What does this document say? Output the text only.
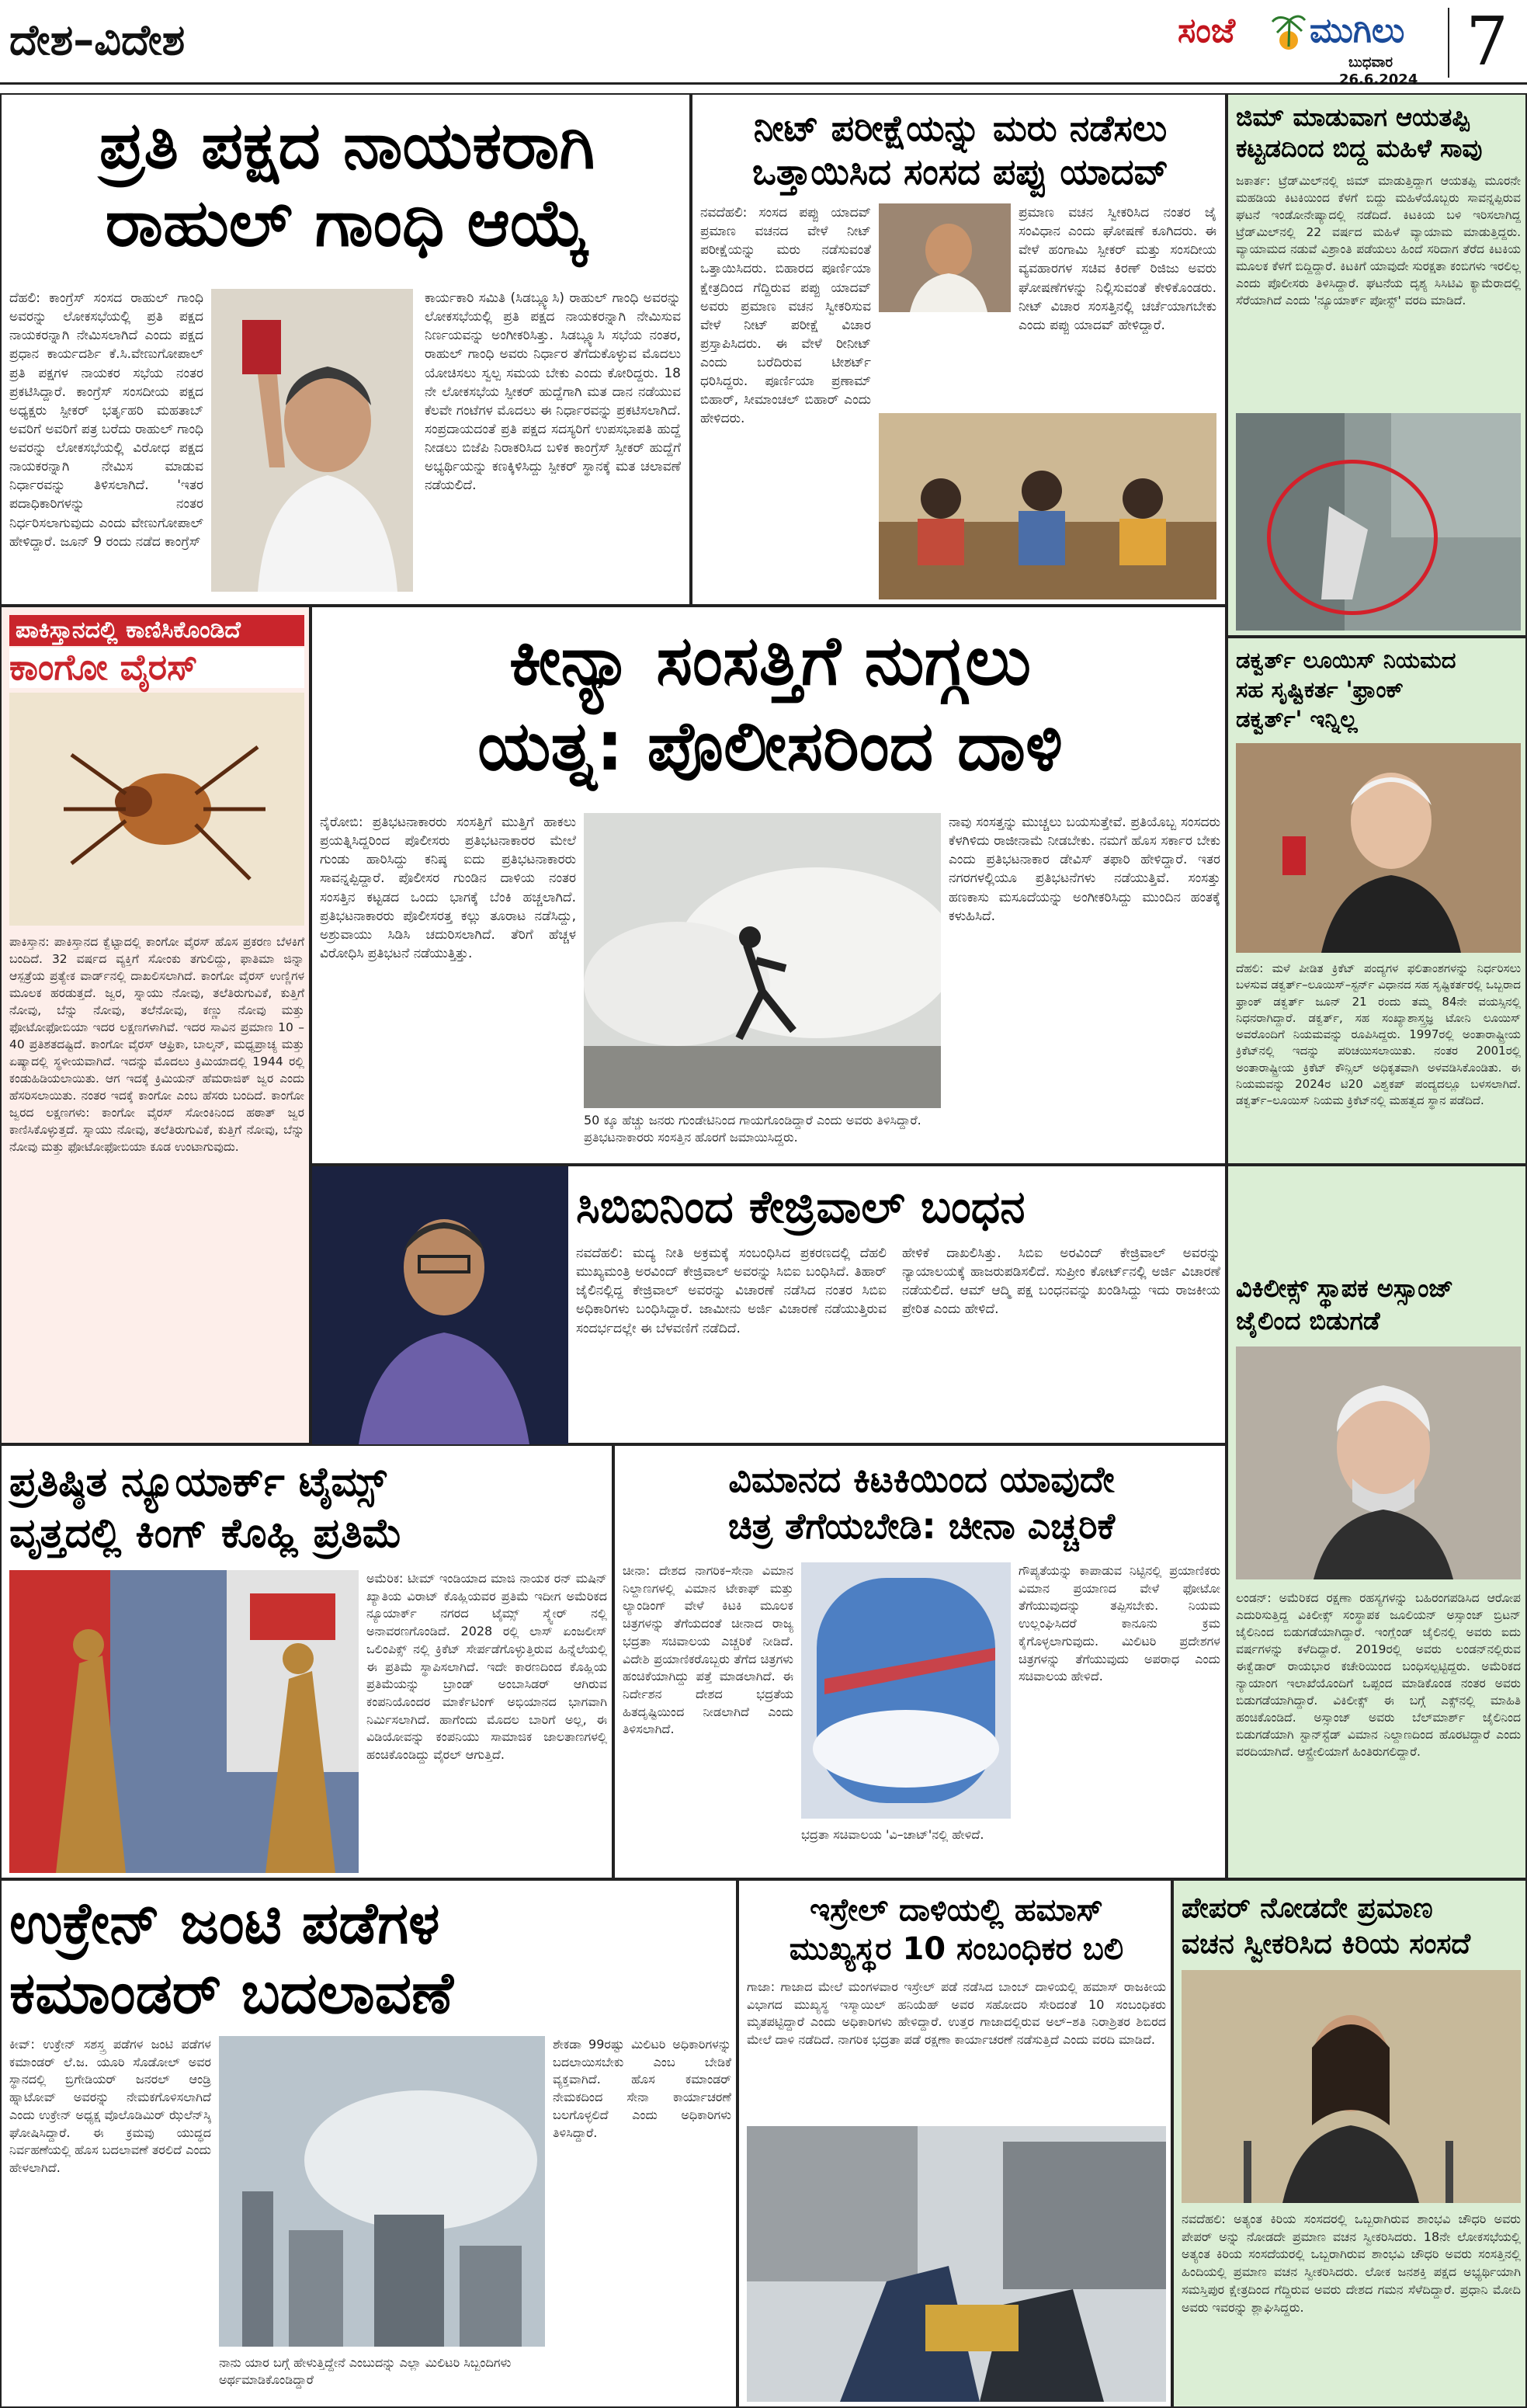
ದೇಶ–ವಿದೇಶ	ಸಂಜೆ ಮುಗಿಲು
ಬುಧವಾರ
26.6.2024 7
ಪ್ರತಿ ಪಕ್ಷದ ನಾಯಕರಾಗಿ
ರಾಹುಲ್ ಗಾಂಧಿ ಆಯ್ಕೆ
ದೆಹಲಿ: ಕಾಂಗ್ರೆಸ್ ಸಂಸದ ರಾಹುಲ್ ಗಾಂಧಿ ಅವರನ್ನು ಲೋಕಸಭೆಯಲ್ಲಿ ಪ್ರತಿ ಪಕ್ಷದ ನಾಯಕರನ್ನಾಗಿ ನೇಮಿಸಲಾಗಿದೆ ಎಂದು ಪಕ್ಷದ ಪ್ರಧಾನ ಕಾರ್ಯದರ್ಶಿ ಕೆ.ಸಿ.ವೇಣುಗೋಪಾಲ್ ಪ್ರತಿ ಪಕ್ಷಗಳ ನಾಯಕರ ಸಭೆಯ ನಂತರ ಪ್ರಕಟಿಸಿದ್ದಾರೆ. ಕಾಂಗ್ರೆಸ್ ಸಂಸದೀಯ ಪಕ್ಷದ ಅಧ್ಯಕ್ಷರು ಸ್ಪೀಕರ್ ಭರ್ತೃಹರಿ ಮಹತಾಬ್ ಅವರಿಗೆ ಅವರಿಗೆ ಪತ್ರ ಬರೆದು ರಾಹುಲ್ ಗಾಂಧಿ ಅವರನ್ನು ಲೋಕಸಭೆಯಲ್ಲಿ ವಿರೋಧ ಪಕ್ಷದ ನಾಯಕರನ್ನಾಗಿ ನೇಮಿಸ ಮಾಡುವ ನಿರ್ಧಾರವನ್ನು ತಿಳಿಸಲಾಗಿದೆ. 'ಇತರ ಪದಾಧಿಕಾರಿಗಳನ್ನು ನಂತರ ನಿರ್ಧರಿಸಲಾಗುವುದು ಎಂದು ವೇಣುಗೋಪಾಲ್ ಹೇಳಿದ್ದಾರೆ. ಜೂನ್ 9 ರಂದು ನಡೆದ ಕಾಂಗ್ರೆಸ್
ಕಾರ್ಯಕಾರಿ ಸಮಿತಿ (ಸಿಡಬ್ಲ್ಯೂಸಿ) ರಾಹುಲ್ ಗಾಂಧಿ ಅವರನ್ನು ಲೋಕಸಭೆಯಲ್ಲಿ ಪ್ರತಿ ಪಕ್ಷದ ನಾಯಕರನ್ನಾಗಿ ನೇಮಿಸುವ ನಿರ್ಣಯವನ್ನು ಅಂಗೀಕರಿಸಿತ್ತು. ಸಿಡಬ್ಲ್ಯೂಸಿ ಸಭೆಯ ನಂತರ, ರಾಹುಲ್ ಗಾಂಧಿ ಅವರು ನಿರ್ಧಾರ ತೆಗೆದುಕೊಳ್ಳುವ ಮೊದಲು ಯೋಚಿಸಲು ಸ್ವಲ್ಪ ಸಮಯ ಬೇಕು ಎಂದು ಕೋರಿದ್ದರು. 18 ನೇ ಲೋಕಸಭೆಯ ಸ್ಪೀಕರ್ ಹುದ್ದೆಗಾಗಿ ಮತ ದಾನ ನಡೆಯುವ ಕೆಲವೇ ಗಂಟೆಗಳ ಮೊದಲು ಈ ನಿರ್ಧಾರವನ್ನು ಪ್ರಕಟಿಸಲಾಗಿದೆ. ಸಂಪ್ರದಾಯದಂತೆ ಪ್ರತಿ ಪಕ್ಷದ ಸದಸ್ಯರಿಗೆ ಉಪಸಭಾಪತಿ ಹುದ್ದೆ ನೀಡಲು ಬಿಜೆಪಿ ನಿರಾಕರಿಸಿದ ಬಳಿಕ ಕಾಂಗ್ರೆಸ್ ಸ್ಪೀಕರ್ ಹುದ್ದೆಗೆ ಅಭ್ಯರ್ಥಿಯನ್ನು ಕಣಕ್ಕಿಳಿಸಿದ್ದು ಸ್ಪೀಕರ್ ಸ್ಥಾನಕ್ಕೆ ಮತ ಚಲಾವಣೆ ನಡೆಯಲಿದೆ.
ನೀಟ್ ಪರೀಕ್ಷೆಯನ್ನು ಮರು ನಡೆಸಲು
ಒತ್ತಾಯಿಸಿದ ಸಂಸದ ಪಪ್ಪು ಯಾದವ್
ನವದೆಹಲಿ: ಸಂಸದ ಪಪ್ಪು ಯಾದವ್ ಪ್ರಮಾಣ ವಚನದ ವೇಳೆ ನೀಟ್ ಪರೀಕ್ಷೆಯನ್ನು ಮರು ನಡೆಸುವಂತೆ ಒತ್ತಾಯಿಸಿದರು. ಬಿಹಾರದ ಪೂರ್ಣಿಯಾ ಕ್ಷೇತ್ರದಿಂದ ಗೆದ್ದಿರುವ ಪಪ್ಪು ಯಾದವ್ ಅವರು ಪ್ರಮಾಣ ವಚನ ಸ್ವೀಕರಿಸುವ ವೇಳೆ ನೀಟ್ ಪರೀಕ್ಷೆ ವಿಚಾರ ಪ್ರಸ್ತಾಪಿಸಿದರು. ಈ ವೇಳೆ ರೀನೀಟ್ ಎಂದು ಬರೆದಿರುವ ಟೀಶರ್ಟ್ ಧರಿಸಿದ್ದರು. ಪೂರ್ಣಿಯಾ ಪ್ರಣಾಮ್ ಬಿಹಾರ್, ಸೀಮಾಂಚಲ್ ಬಿಹಾರ್ ಎಂದು ಹೇಳಿದರು.
ಪ್ರಮಾಣ ವಚನ ಸ್ವೀಕರಿಸಿದ ನಂತರ ಜೈ ಸಂವಿಧಾನ ಎಂದು ಘೋಷಣೆ ಕೂಗಿದರು. ಈ ವೇಳೆ ಹಂಗಾಮಿ ಸ್ಪೀಕರ್ ಮತ್ತು ಸಂಸದೀಯ ವ್ಯವಹಾರಗಳ ಸಚಿವ ಕಿರಣ್ ರಿಜಿಜು ಅವರು ಘೋಷಣೆಗಳನ್ನು ನಿಲ್ಲಿಸುವಂತೆ ಕೇಳಿಕೊಂಡರು. ನೀಟ್ ವಿಚಾರ ಸಂಸತ್ತಿನಲ್ಲಿ ಚರ್ಚೆಯಾಗಬೇಕು ಎಂದು ಪಪ್ಪು ಯಾದವ್ ಹೇಳಿದ್ದಾರೆ.
ಜಿಮ್ ಮಾಡುವಾಗ ಆಯತಪ್ಪಿ
ಕಟ್ಟಡದಿಂದ ಬಿದ್ದ ಮಹಿಳೆ ಸಾವು
ಜಕಾರ್ತ: ಟ್ರೆಡ್‌ಮಿಲ್‌ನಲ್ಲಿ ಜಿಮ್ ಮಾಡುತ್ತಿದ್ದಾಗ ಆಯತಪ್ಪಿ ಮೂರನೇ ಮಹಡಿಯ ಕಿಟಕಿಯಿಂದ ಕೆಳಗೆ ಬಿದ್ದು ಮಹಿಳೆಯೊಬ್ಬರು ಸಾವನ್ನಪ್ಪಿರುವ ಘಟನೆ ಇಂಡೋನೇಷ್ಯಾದಲ್ಲಿ ನಡೆದಿದೆ. ಕಿಟಕಿಯ ಬಳಿ ಇರಿಸಲಾಗಿದ್ದ ಟ್ರೆಡ್‌ಮಿಲ್‌ನಲ್ಲಿ 22 ವರ್ಷದ ಮಹಿಳೆ ವ್ಯಾಯಾಮ ಮಾಡುತ್ತಿದ್ದರು. ವ್ಯಾಯಾಮದ ನಡುವೆ ವಿಶ್ರಾಂತಿ ಪಡೆಯಲು ಹಿಂದೆ ಸರಿದಾಗ ತೆರೆದ ಕಿಟಕಿಯ ಮೂಲಕ ಕೆಳಗೆ ಬಿದ್ದಿದ್ದಾರೆ. ಕಿಟಕಿಗೆ ಯಾವುದೇ ಸುರಕ್ಷತಾ ಕಂಬಿಗಳು ಇರಲಿಲ್ಲ ಎಂದು ಪೊಲೀಸರು ತಿಳಿಸಿದ್ದಾರೆ. ಘಟನೆಯ ದೃಶ್ಯ ಸಿಸಿಟಿವಿ ಕ್ಯಾಮೆರಾದಲ್ಲಿ ಸೆರೆಯಾಗಿದೆ ಎಂದು 'ನ್ಯೂಯಾರ್ಕ್ ಪೋಸ್ಟ್' ವರದಿ ಮಾಡಿದೆ.
ಪಾಕಿಸ್ತಾನದಲ್ಲಿ ಕಾಣಿಸಿಕೊಂಡಿದೆ
ಕಾಂಗೋ ವೈರಸ್
ಪಾಕಿಸ್ತಾನ: ಪಾಕಿಸ್ತಾನದ ಕ್ವೆಟ್ಟಾದಲ್ಲಿ ಕಾಂಗೋ ವೈರಸ್ ಹೊಸ ಪ್ರಕರಣ ಬೆಳಕಿಗೆ ಬಂದಿದೆ. 32 ವರ್ಷದ ವ್ಯಕ್ತಿಗೆ ಸೋಂಕು ತಗುಲಿದ್ದು, ಫಾತಿಮಾ ಜಿನ್ನಾ ಆಸ್ಪತ್ರೆಯ ಪ್ರತ್ಯೇಕ ವಾರ್ಡ್‌ನಲ್ಲಿ ದಾಖಲಿಸಲಾಗಿದೆ. ಕಾಂಗೋ ವೈರಸ್ ಉಣ್ಣಿಗಳ ಮೂಲಕ ಹರಡುತ್ತದೆ. ಜ್ವರ, ಸ್ನಾಯು ನೋವು, ತಲೆತಿರುಗುವಿಕೆ, ಕುತ್ತಿಗೆ ನೋವು, ಬೆನ್ನು ನೋವು, ತಲೆನೋವು, ಕಣ್ಣು ನೋವು ಮತ್ತು ಫೋಟೋಫೋಬಿಯಾ ಇದರ ಲಕ್ಷಣಗಳಾಗಿವೆ. ಇದರ ಸಾವಿನ ಪ್ರಮಾಣ 10 – 40 ಪ್ರತಿಶತದಷ್ಟಿದೆ. ಕಾಂಗೋ ವೈರಸ್ ಆಫ್ರಿಕಾ, ಬಾಲ್ಕನ್, ಮಧ್ಯಪ್ರಾಚ್ಯ ಮತ್ತು ಏಷ್ಯಾದಲ್ಲಿ ಸ್ಥಳೀಯವಾಗಿದೆ. ಇದನ್ನು ಮೊದಲು ಕ್ರಿಮಿಯಾದಲ್ಲಿ 1944 ರಲ್ಲಿ ಕಂಡುಹಿಡಿಯಲಾಯಿತು. ಆಗ ಇದಕ್ಕೆ ಕ್ರಿಮಿಯನ್ ಹೆಮರಾಜಿಕ್ ಜ್ವರ ಎಂದು ಹೆಸರಿಸಲಾಯಿತು. ನಂತರ ಇದಕ್ಕೆ ಕಾಂಗೋ ಎಂಬ ಹೆಸರು ಬಂದಿದೆ. ಕಾಂಗೋ ಜ್ವರದ ಲಕ್ಷಣಗಳು: ಕಾಂಗೋ ವೈರಸ್ ಸೋಂಕಿನಿಂದ ಹಠಾತ್ ಜ್ವರ ಕಾಣಿಸಿಕೊಳ್ಳುತ್ತದೆ. ಸ್ನಾಯು ನೋವು, ತಲೆತಿರುಗುವಿಕೆ, ಕುತ್ತಿಗೆ ನೋವು, ಬೆನ್ನು ನೋವು ಮತ್ತು ಫೋಟೋಫೋಬಿಯಾ ಕೂಡ ಉಂಟಾಗುವುದು.
ಕೀನ್ಯಾ ಸಂಸತ್ತಿಗೆ ನುಗ್ಗಲು
ಯತ್ನ: ಪೊಲೀಸರಿಂದ ದಾಳಿ
ನೈರೋಬಿ: ಪ್ರತಿಭಟನಾಕಾರರು ಸಂಸತ್ತಿಗೆ ಮುತ್ತಿಗೆ ಹಾಕಲು ಪ್ರಯತ್ನಿಸಿದ್ದರಿಂದ ಪೊಲೀಸರು ಪ್ರತಿಭಟನಾಕಾರರ ಮೇಲೆ ಗುಂಡು ಹಾರಿಸಿದ್ದು ಕನಿಷ್ಠ ಐದು ಪ್ರತಿಭಟನಾಕಾರರು ಸಾವನ್ನಪ್ಪಿದ್ದಾರೆ. ಪೊಲೀಸರ ಗುಂಡಿನ ದಾಳಿಯ ನಂತರ ಸಂಸತ್ತಿನ ಕಟ್ಟಡದ ಒಂದು ಭಾಗಕ್ಕೆ ಬೆಂಕಿ ಹಚ್ಚಲಾಗಿದೆ. ಪ್ರತಿಭಟನಾಕಾರರು ಪೊಲೀಸರತ್ತ ಕಲ್ಲು ತೂರಾಟ ನಡೆಸಿದ್ದು, ಅಶ್ರುವಾಯು ಸಿಡಿಸಿ ಚದುರಿಸಲಾಗಿದೆ. ತೆರಿಗೆ ಹೆಚ್ಚಳ ವಿರೋಧಿಸಿ ಪ್ರತಿಭಟನೆ ನಡೆಯುತ್ತಿತ್ತು.
50 ಕ್ಕೂ ಹೆಚ್ಚು ಜನರು ಗುಂಡೇಟಿನಿಂದ ಗಾಯಗೊಂಡಿದ್ದಾರೆ ಎಂದು ಅವರು ತಿಳಿಸಿದ್ದಾರೆ. ಪ್ರತಿಭಟನಾಕಾರರು ಸಂಸತ್ತಿನ ಹೊರಗೆ ಜಮಾಯಿಸಿದ್ದರು.
ನಾವು ಸಂಸತ್ತನ್ನು ಮುಚ್ಚಲು ಬಯಸುತ್ತೇವೆ. ಪ್ರತಿಯೊಬ್ಬ ಸಂಸದರು ಕೆಳಗಿಳಿದು ರಾಜೀನಾಮೆ ನೀಡಬೇಕು. ನಮಗೆ ಹೊಸ ಸರ್ಕಾರ ಬೇಕು ಎಂದು ಪ್ರತಿಭಟನಾಕಾರ ಡೇವಿಸ್ ತಫಾರಿ ಹೇಳಿದ್ದಾರೆ. ಇತರ ನಗರಗಳಲ್ಲಿಯೂ ಪ್ರತಿಭಟನೆಗಳು ನಡೆಯುತ್ತಿವೆ. ಸಂಸತ್ತು ಹಣಕಾಸು ಮಸೂದೆಯನ್ನು ಅಂಗೀಕರಿಸಿದ್ದು ಮುಂದಿನ ಹಂತಕ್ಕೆ ಕಳುಹಿಸಿದೆ.
ಡಕ್ವರ್ತ್ ಲೂಯಿಸ್ ನಿಯಮದ
ಸಹ ಸೃಷ್ಟಿಕರ್ತ 'ಫ್ರಾಂಕ್
ಡಕ್ವರ್ತ್' ಇನ್ನಿಲ್ಲ
ದೆಹಲಿ: ಮಳೆ ಪೀಡಿತ ಕ್ರಿಕೆಟ್ ಪಂದ್ಯಗಳ ಫಲಿತಾಂಶಗಳನ್ನು ನಿರ್ಧರಿಸಲು ಬಳಸುವ ಡಕ್ವರ್ತ್–ಲೂಯಿಸ್–ಸ್ಟರ್ನ್ ವಿಧಾನದ ಸಹ ಸೃಷ್ಟಿಕರ್ತರಲ್ಲಿ ಒಬ್ಬರಾದ ಫ್ರಾಂಕ್ ಡಕ್ವರ್ತ್ ಜೂನ್ 21 ರಂದು ತಮ್ಮ 84ನೇ ವಯಸ್ಸಿನಲ್ಲಿ ನಿಧನರಾಗಿದ್ದಾರೆ. ಡಕ್ವರ್ತ್, ಸಹ ಸಂಖ್ಯಾಶಾಸ್ತ್ರಜ್ಞ ಟೋನಿ ಲೂಯಿಸ್ ಅವರೊಂದಿಗೆ ನಿಯಮವನ್ನು ರೂಪಿಸಿದ್ದರು. 1997ರಲ್ಲಿ ಅಂತಾರಾಷ್ಟ್ರೀಯ ಕ್ರಿಕೆಟ್‌ನಲ್ಲಿ ಇದನ್ನು ಪರಿಚಯಿಸಲಾಯಿತು. ನಂತರ 2001ರಲ್ಲಿ ಅಂತಾರಾಷ್ಟ್ರೀಯ ಕ್ರಿಕೆಟ್ ಕೌನ್ಸಿಲ್ ಅಧಿಕೃತವಾಗಿ ಅಳವಡಿಸಿಕೊಂಡಿತು. ಈ ನಿಯಮವನ್ನು 2024ರ ಟಿ20 ವಿಶ್ವಕಪ್ ಪಂದ್ಯದಲ್ಲೂ ಬಳಸಲಾಗಿದೆ. ಡಕ್ವರ್ತ್–ಲೂಯಿಸ್ ನಿಯಮ ಕ್ರಿಕೆಟ್‌ನಲ್ಲಿ ಮಹತ್ವದ ಸ್ಥಾನ ಪಡೆದಿದೆ.
ಸಿಬಿಐನಿಂದ ಕೇಜ್ರಿವಾಲ್ ಬಂಧನ
ನವದೆಹಲಿ: ಮದ್ಯ ನೀತಿ ಅಕ್ರಮಕ್ಕೆ ಸಂಬಂಧಿಸಿದ ಪ್ರಕರಣದಲ್ಲಿ ದೆಹಲಿ ಮುಖ್ಯಮಂತ್ರಿ ಅರವಿಂದ್ ಕೇಜ್ರಿವಾಲ್ ಅವರನ್ನು ಸಿಬಿಐ ಬಂಧಿಸಿದೆ. ತಿಹಾರ್ ಜೈಲಿನಲ್ಲಿದ್ದ ಕೇಜ್ರಿವಾಲ್ ಅವರನ್ನು ವಿಚಾರಣೆ ನಡೆಸಿದ ನಂತರ ಸಿಬಿಐ ಅಧಿಕಾರಿಗಳು ಬಂಧಿಸಿದ್ದಾರೆ. ಜಾಮೀನು ಅರ್ಜಿ ವಿಚಾರಣೆ ನಡೆಯುತ್ತಿರುವ ಸಂದರ್ಭದಲ್ಲೇ ಈ ಬೆಳವಣಿಗೆ ನಡೆದಿದೆ.
ಹೇಳಿಕೆ ದಾಖಲಿಸಿತ್ತು. ಸಿಬಿಐ ಅರವಿಂದ್ ಕೇಜ್ರಿವಾಲ್ ಅವರನ್ನು ನ್ಯಾಯಾಲಯಕ್ಕೆ ಹಾಜರುಪಡಿಸಲಿದೆ. ಸುಪ್ರೀಂ ಕೋರ್ಟ್‌ನಲ್ಲಿ ಅರ್ಜಿ ವಿಚಾರಣೆ ನಡೆಯಲಿದೆ. ಆಮ್ ಆದ್ಮಿ ಪಕ್ಷ ಬಂಧನವನ್ನು ಖಂಡಿಸಿದ್ದು ಇದು ರಾಜಕೀಯ ಪ್ರೇರಿತ ಎಂದು ಹೇಳಿದೆ.
ವಿಕಿಲೀಕ್ಸ್ ಸ್ಥಾಪಕ ಅಸ್ಸಾಂಜ್
ಜೈಲಿಂದ ಬಿಡುಗಡೆ
ಲಂಡನ್: ಅಮೆರಿಕದ ರಕ್ಷಣಾ ರಹಸ್ಯಗಳನ್ನು ಬಹಿರಂಗಪಡಿಸಿದ ಆರೋಪ ಎದುರಿಸುತ್ತಿದ್ದ ವಿಕಿಲೀಕ್ಸ್ ಸಂಸ್ಥಾಪಕ ಜೂಲಿಯನ್ ಅಸ್ಸಾಂಜ್ ಬ್ರಿಟನ್ ಜೈಲಿನಿಂದ ಬಿಡುಗಡೆಯಾಗಿದ್ದಾರೆ. ಇಂಗ್ಲೆಂಡ್ ಜೈಲಿನಲ್ಲಿ ಅವರು ಐದು ವರ್ಷಗಳನ್ನು ಕಳೆದಿದ್ದಾರೆ. 2019ರಲ್ಲಿ ಅವರು ಲಂಡನ್‌ನಲ್ಲಿರುವ ಈಕ್ವೆಡಾರ್ ರಾಯಭಾರ ಕಚೇರಿಯಿಂದ ಬಂಧಿಸಲ್ಪಟ್ಟಿದ್ದರು. ಅಮೆರಿಕದ ನ್ಯಾಯಾಂಗ ಇಲಾಖೆಯೊಂದಿಗೆ ಒಪ್ಪಂದ ಮಾಡಿಕೊಂಡ ನಂತರ ಅವರು ಬಿಡುಗಡೆಯಾಗಿದ್ದಾರೆ. ವಿಕಿಲೀಕ್ಸ್ ಈ ಬಗ್ಗೆ ಎಕ್ಸ್‌ನಲ್ಲಿ ಮಾಹಿತಿ ಹಂಚಿಕೊಂಡಿದೆ. ಅಸ್ಸಾಂಜ್ ಅವರು ಬೆಲ್‌ಮಾರ್ಶ್ ಜೈಲಿನಿಂದ ಬಿಡುಗಡೆಯಾಗಿ ಸ್ಟಾನ್‌ಸ್ಟೆಡ್ ವಿಮಾನ ನಿಲ್ದಾಣದಿಂದ ಹೊರಟಿದ್ದಾರೆ ಎಂದು ವರದಿಯಾಗಿದೆ. ಆಸ್ಟ್ರೇಲಿಯಾಗೆ ಹಿಂತಿರುಗಲಿದ್ದಾರೆ.
ಪ್ರತಿಷ್ಠಿತ ನ್ಯೂಯಾರ್ಕ್ ಟೈಮ್ಸ್
ವೃತ್ತದಲ್ಲಿ ಕಿಂಗ್ ಕೊಹ್ಲಿ ಪ್ರತಿಮೆ
ಅಮೆರಿಕ: ಟೀಮ್ ಇಂಡಿಯಾದ ಮಾಜಿ ನಾಯಕ ರನ್ ಮಷಿನ್ ಖ್ಯಾತಿಯ ವಿರಾಟ್ ಕೊಹ್ಲಿಯವರ ಪ್ರತಿಮೆ ಇದೀಗ ಅಮೆರಿಕದ ನ್ಯೂಯಾರ್ಕ್ ನಗರದ ಟೈಮ್ಸ್ ಸ್ಕ್ವೇರ್ ನಲ್ಲಿ ಅನಾವರಣಗೊಂಡಿದೆ. 2028 ರಲ್ಲಿ ಲಾಸ್ ಏಂಜಲೀಸ್ ಒಲಿಂಪಿಕ್ಸ್ ನಲ್ಲಿ ಕ್ರಿಕೆಟ್ ಸೇರ್ಪಡೆಗೊಳ್ಳುತ್ತಿರುವ ಹಿನ್ನೆಲೆಯಲ್ಲಿ ಈ ಪ್ರತಿಮೆ ಸ್ಥಾಪಿಸಲಾಗಿದೆ. ಇದೇ ಕಾರಣದಿಂದ ಕೊಹ್ಲಿಯ ಪ್ರತಿಮೆಯನ್ನು ಬ್ರಾಂಡ್ ಅಂಬಾಸಿಡರ್ ಆಗಿರುವ ಕಂಪನಿಯೊಂದರ ಮಾರ್ಕೆಟಿಂಗ್ ಅಭಿಯಾನದ ಭಾಗವಾಗಿ ನಿರ್ಮಿಸಲಾಗಿದೆ. ಹಾಗೆಂದು ಮೊದಲ ಬಾರಿಗೆ ಅಲ್ಲ, ಈ ವಿಡಿಯೋವನ್ನು ಕಂಪನಿಯು ಸಾಮಾಜಿಕ ಜಾಲತಾಣಗಳಲ್ಲಿ ಹಂಚಿಕೊಂಡಿದ್ದು ವೈರಲ್ ಆಗುತ್ತಿದೆ.
ವಿಮಾನದ ಕಿಟಕಿಯಿಂದ ಯಾವುದೇ
ಚಿತ್ರ ತೆಗೆಯಬೇಡಿ: ಚೀನಾ ಎಚ್ಚರಿಕೆ
ಚೀನಾ: ದೇಶದ ನಾಗರಿಕ–ಸೇನಾ ವಿಮಾನ ನಿಲ್ದಾಣಗಳಲ್ಲಿ ವಿಮಾನ ಟೇಕಾಫ್ ಮತ್ತು ಲ್ಯಾಂಡಿಂಗ್ ವೇಳೆ ಕಿಟಕಿ ಮೂಲಕ ಚಿತ್ರಗಳನ್ನು ತೆಗೆಯದಂತೆ ಚೀನಾದ ರಾಜ್ಯ ಭದ್ರತಾ ಸಚಿವಾಲಯ ಎಚ್ಚರಿಕೆ ನೀಡಿದೆ. ವಿದೇಶಿ ಪ್ರಯಾಣಿಕರೊಬ್ಬರು ತೆಗೆದ ಚಿತ್ರಗಳು ಹಂಚಿಕೆಯಾಗಿದ್ದು ಪತ್ತೆ ಮಾಡಲಾಗಿದೆ. ಈ ನಿರ್ದೇಶನ ದೇಶದ ಭದ್ರತೆಯ ಹಿತದೃಷ್ಟಿಯಿಂದ ನೀಡಲಾಗಿದೆ ಎಂದು ತಿಳಿಸಲಾಗಿದೆ.
ಭದ್ರತಾ ಸಚಿವಾಲಯ 'ವಿ–ಚಾಟ್'ನಲ್ಲಿ ಹೇಳಿದೆ.
ಗೌಪ್ಯತೆಯನ್ನು ಕಾಪಾಡುವ ನಿಟ್ಟಿನಲ್ಲಿ ಪ್ರಯಾಣಿಕರು ವಿಮಾನ ಪ್ರಯಾಣದ ವೇಳೆ ಫೋಟೋ ತೆಗೆಯುವುದನ್ನು ತಪ್ಪಿಸಬೇಕು. ನಿಯಮ ಉಲ್ಲಂಘಿಸಿದರೆ ಕಾನೂನು ಕ್ರಮ ಕೈಗೊಳ್ಳಲಾಗುವುದು. ಮಿಲಿಟರಿ ಪ್ರದೇಶಗಳ ಚಿತ್ರಗಳನ್ನು ತೆಗೆಯುವುದು ಅಪರಾಧ ಎಂದು ಸಚಿವಾಲಯ ಹೇಳಿದೆ.
ಉಕ್ರೇನ್ ಜಂಟಿ ಪಡೆಗಳ
ಕಮಾಂಡರ್ ಬದಲಾವಣೆ
ಕೀವ್: ಉಕ್ರೇನ್ ಸಶಸ್ತ್ರ ಪಡೆಗಳ ಜಂಟಿ ಪಡೆಗಳ ಕಮಾಂಡರ್ ಲೆ.ಜ. ಯೂರಿ ಸೊಡೋಲ್ ಅವರ ಸ್ಥಾನದಲ್ಲಿ ಬ್ರಿಗೇಡಿಯರ್ ಜನರಲ್ ಆಂಡ್ರಿ ಹ್ನಾಟೋವ್ ಅವರನ್ನು ನೇಮಕಗೊಳಿಸಲಾಗಿದೆ ಎಂದು ಉಕ್ರೇನ್ ಅಧ್ಯಕ್ಷ ವೊಲೊಡಿಮಿರ್ ಝೆಲೆನ್‌ಸ್ಕಿ ಘೋಷಿಸಿದ್ದಾರೆ. ಈ ಕ್ರಮವು ಯುದ್ಧದ ನಿರ್ವಹಣೆಯಲ್ಲಿ ಹೊಸ ಬದಲಾವಣೆ ತರಲಿದೆ ಎಂದು ಹೇಳಲಾಗಿದೆ.
ನಾನು ಯಾರ ಬಗ್ಗೆ ಹೇಳುತ್ತಿದ್ದೇನೆ ಎಂಬುದನ್ನು ಎಲ್ಲಾ ಮಿಲಿಟರಿ ಸಿಬ್ಬಂದಿಗಳು ಅರ್ಥಮಾಡಿಕೊಂಡಿದ್ದಾರೆ
ಶೇಕಡಾ 99ರಷ್ಟು ಮಿಲಿಟರಿ ಅಧಿಕಾರಿಗಳನ್ನು ಬದಲಾಯಿಸಬೇಕು ಎಂಬ ಬೇಡಿಕೆ ವ್ಯಕ್ತವಾಗಿದೆ. ಹೊಸ ಕಮಾಂಡರ್ ನೇಮಕದಿಂದ ಸೇನಾ ಕಾರ್ಯಾಚರಣೆ ಬಲಗೊಳ್ಳಲಿದೆ ಎಂದು ಅಧಿಕಾರಿಗಳು ತಿಳಿಸಿದ್ದಾರೆ.
ಇಸ್ರೇಲ್ ದಾಳಿಯಲ್ಲಿ ಹಮಾಸ್
ಮುಖ್ಯಸ್ಥರ 10 ಸಂಬಂಧಿಕರ ಬಲಿ
ಗಾಜಾ: ಗಾಜಾದ ಮೇಲೆ ಮಂಗಳವಾರ ಇಸ್ರೇಲ್ ಪಡೆ ನಡೆಸಿದ ಬಾಂಬ್ ದಾಳಿಯಲ್ಲಿ ಹಮಾಸ್ ರಾಜಕೀಯ ವಿಭಾಗದ ಮುಖ್ಯಸ್ಥ ಇಸ್ಮಾಯಿಲ್ ಹನಿಯೆಹ್ ಅವರ ಸಹೋದರಿ ಸೇರಿದಂತೆ 10 ಸಂಬಂಧಿಕರು ಮೃತಪಟ್ಟಿದ್ದಾರೆ ಎಂದು ಅಧಿಕಾರಿಗಳು ಹೇಳಿದ್ದಾರೆ. ಉತ್ತರ ಗಾಜಾದಲ್ಲಿರುವ ಅಲ್–ಶತಿ ನಿರಾಶ್ರಿತರ ಶಿಬಿರದ ಮೇಲೆ ದಾಳಿ ನಡೆದಿದೆ. ನಾಗರಿಕ ಭದ್ರತಾ ಪಡೆ ರಕ್ಷಣಾ ಕಾರ್ಯಾಚರಣೆ ನಡೆಸುತ್ತಿದೆ ಎಂದು ವರದಿ ಮಾಡಿದೆ.
ಪೇಪರ್ ನೋಡದೇ ಪ್ರಮಾಣ
ವಚನ ಸ್ವೀಕರಿಸಿದ ಕಿರಿಯ ಸಂಸದೆ
ನವದೆಹಲಿ: ಅತ್ಯಂತ ಕಿರಿಯ ಸಂಸದರಲ್ಲಿ ಒಬ್ಬರಾಗಿರುವ ಶಾಂಭವಿ ಚೌಧರಿ ಅವರು ಪೇಪರ್ ಅನ್ನು ನೋಡದೇ ಪ್ರಮಾಣ ವಚನ ಸ್ವೀಕರಿಸಿದರು. 18ನೇ ಲೋಕಸಭೆಯಲ್ಲಿ ಅತ್ಯಂತ ಕಿರಿಯ ಸಂಸದೆಯರಲ್ಲಿ ಒಬ್ಬರಾಗಿರುವ ಶಾಂಭವಿ ಚೌಧರಿ ಅವರು ಸಂಸತ್ತಿನಲ್ಲಿ ಹಿಂದಿಯಲ್ಲಿ ಪ್ರಮಾಣ ವಚನ ಸ್ವೀಕರಿಸಿದರು. ಲೋಕ ಜನಶಕ್ತಿ ಪಕ್ಷದ ಅಭ್ಯರ್ಥಿಯಾಗಿ ಸಮಸ್ತಿಪುರ ಕ್ಷೇತ್ರದಿಂದ ಗೆದ್ದಿರುವ ಅವರು ದೇಶದ ಗಮನ ಸೆಳೆದಿದ್ದಾರೆ. ಪ್ರಧಾನಿ ಮೋದಿ ಅವರು ಇವರನ್ನು ಶ್ಲಾಘಿಸಿದ್ದರು.
